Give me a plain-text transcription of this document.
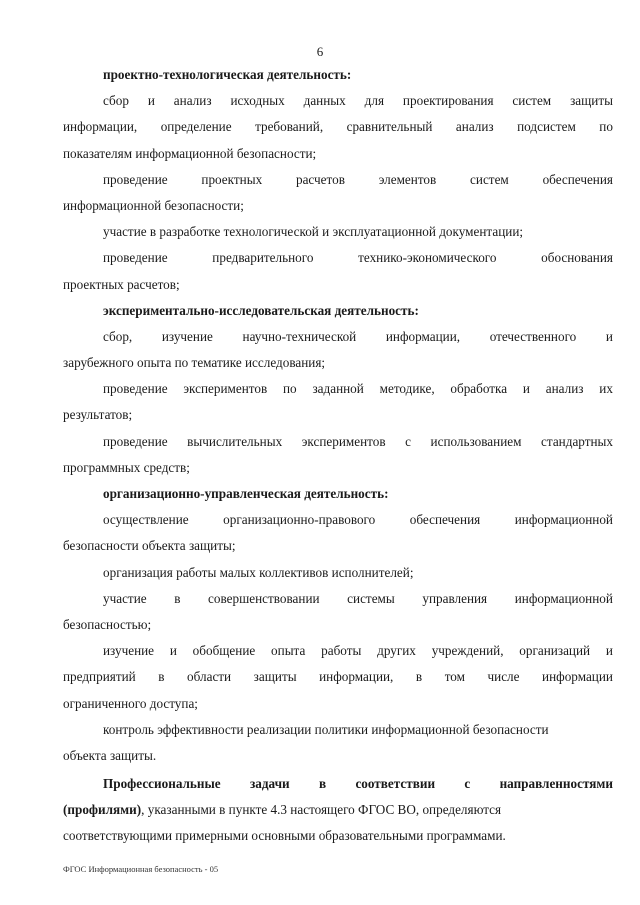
6
проектно-технологическая деятельность:
сбор и анализ исходных данных для проектирования систем защиты
информации, определение требований, сравнительный анализ подсистем по
показателям информационной безопасности;
проведение	проектных	расчетов	элементов	систем	обеспечения
информационной безопасности;
участие в разработке технологической и эксплуатационной документации;
проведение	предварительного	технико-экономического	обоснования
проектных расчетов;
экспериментально-исследовательская деятельность:
сбор, изучение научно-технической информации, отечественного и
зарубежного опыта по тематике исследования;
проведение экспериментов по заданной методике, обработка и анализ их
результатов;
проведение вычислительных экспериментов с использованием стандартных
программных средств;
организационно-управленческая деятельность:
осуществление	организационно-правового	обеспечения	информационной
безопасности объекта защиты;
организация работы малых коллективов исполнителей;
участие в совершенствовании системы управления информационной
безопасностью;
изучение и обобщение опыта работы других учреждений, организаций и
предприятий в области защиты информации, в том числе информации
ограниченного доступа;
контроль эффективности реализации политики информационной безопасности
объекта защиты.
Профессиональные задачи в соответствии с направленностями
(профилями), указанными в пункте 4.3 настоящего ФГОС ВО, определяются
соответствующими примерными основными образовательными программами.
ФГОС Информационная безопасность - 05
